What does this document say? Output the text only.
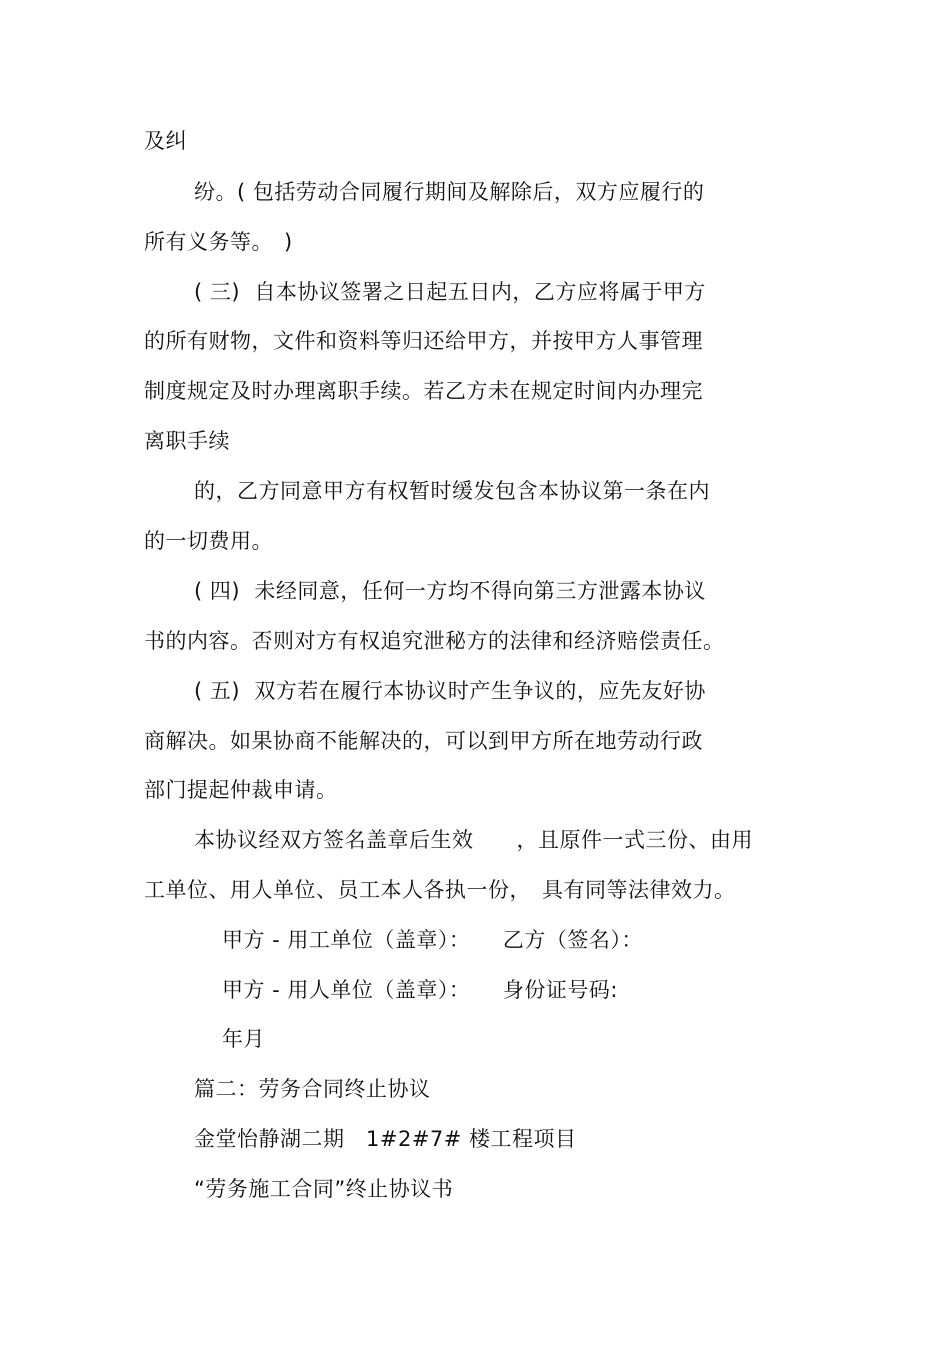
及纠
纷。( 包括劳动合同履行期间及解除后，双方应履行的
所有义务等。　)
( 三)  自本协议签署之日起五日内，乙方应将属于甲方
的所有财物，文件和资料等归还给甲方，并按甲方人事管理
制度规定及时办理离职手续。若乙方未在规定时间内办理完
离职手续
的，乙方同意甲方有权暂时缓发包含本协议第一条在内
的一切费用。
( 四)  未经同意，任何一方均不得向第三方泄露本协议
书的内容。否则对方有权追究泄秘方的法律和经济赔偿责任。
( 五)  双方若在履行本协议时产生争议的，应先友好协
商解决。如果协商不能解决的，可以到甲方所在地劳动行政
部门提起仲裁申请。
本协议经双方签名盖章后生效　　，且原件一式三份、由用
工单位、用人单位、员工本人各执一份，　具有同等法律效力。
甲方 - 用工单位（盖章）：　　乙方（签名）：
甲方 - 用人单位（盖章）：　　身份证号码:
年月
篇二：劳务合同终止协议
金堂怡静湖二期　1#2#7# 楼工程项目
“劳务施工合同”终止协议书
